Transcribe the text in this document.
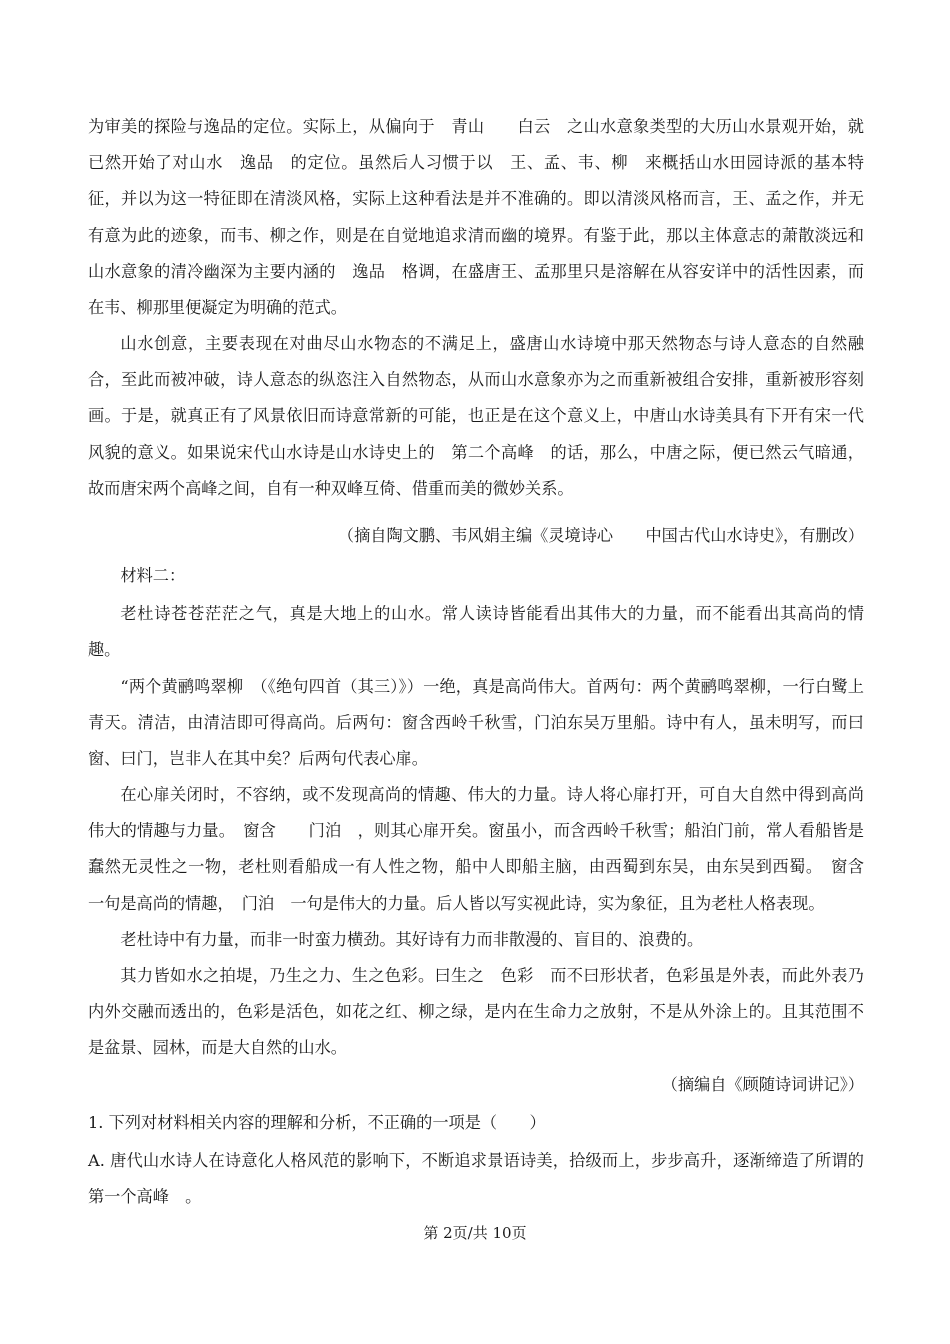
为审美的探险与逸品的定位。实际上，从偏向于　青山　　白云　之山水意象类型的大历山水景观开始，就已然开始了对山水　逸品　的定位。虽然后人习惯于以　王、孟、韦、柳　来概括山水田园诗派的基本特征，并以为这一特征即在清淡风格，实际上这种看法是并不准确的。即以清淡风格而言，王、孟之作，并无有意为此的迹象，而韦、柳之作，则是在自觉地追求清而幽的境界。有鉴于此，那以主体意志的萧散淡远和山水意象的清冷幽深为主要内涵的　逸品　格调，在盛唐王、孟那里只是溶解在从容安详中的活性因素，而在韦、柳那里便凝定为明确的范式。

山水创意，主要表现在对曲尽山水物态的不满足上，盛唐山水诗境中那天然物态与诗人意态的自然融合，至此而被冲破，诗人意态的纵恣注入自然物态，从而山水意象亦为之而重新被组合安排，重新被形容刻画。于是，就真正有了风景依旧而诗意常新的可能，也正是在这个意义上，中唐山水诗美具有下开有宋一代风貌的意义。如果说宋代山水诗是山水诗史上的　第二个高峰　的话，那么，中唐之际，便已然云气暗通，故而唐宋两个高峰之间，自有一种双峰互倚、借重而美的微妙关系。

（摘自陶文鹏、韦风娟主编《灵境诗心　　中国古代山水诗史》，有删改）

材料二：

老杜诗苍苍茫茫之气，真是大地上的山水。常人读诗皆能看出其伟大的力量，而不能看出其高尚的情趣。

“两个黄鹂鸣翠柳　（《绝句四首（其三）》）一绝，真是高尚伟大。首两句：两个黄鹂鸣翠柳，一行白鹭上青天。清洁，由清洁即可得高尚。后两句：窗含西岭千秋雪，门泊东吴万里船。诗中有人，虽未明写，而曰窗、曰门，岂非人在其中矣？后两句代表心扉。

在心扉关闭时，不容纳，或不发现高尚的情趣、伟大的力量。诗人将心扉打开，可自大自然中得到高尚伟大的情趣与力量。　窗含　　门泊　，则其心扉开矣。窗虽小，而含西岭千秋雪；船泊门前，常人看船皆是蠢然无灵性之一物，老杜则看船成一有人性之物，船中人即船主脑，由西蜀到东吴，由东吴到西蜀。　窗含　一句是高尚的情趣，　门泊　一句是伟大的力量。后人皆以写实视此诗，实为象征，且为老杜人格表现。

老杜诗中有力量，而非一时蛮力横劲。其好诗有力而非散漫的、盲目的、浪费的。

其力皆如水之拍堤，乃生之力、生之色彩。曰生之　色彩　而不曰形状者，色彩虽是外表，而此外表乃内外交融而透出的，色彩是活色，如花之红、柳之绿，是内在生命力之放射，不是从外涂上的。且其范围不是盆景、园林，而是大自然的山水。

（摘编自《顾随诗词讲记》）

1. 下列对材料相关内容的理解和分析，不正确的一项是（　　）

A. 唐代山水诗人在诗意化人格风范的影响下，不断追求景语诗美，拾级而上，步步高升，逐渐缔造了所谓的　第一个高峰　。

第 2页/共 10页
